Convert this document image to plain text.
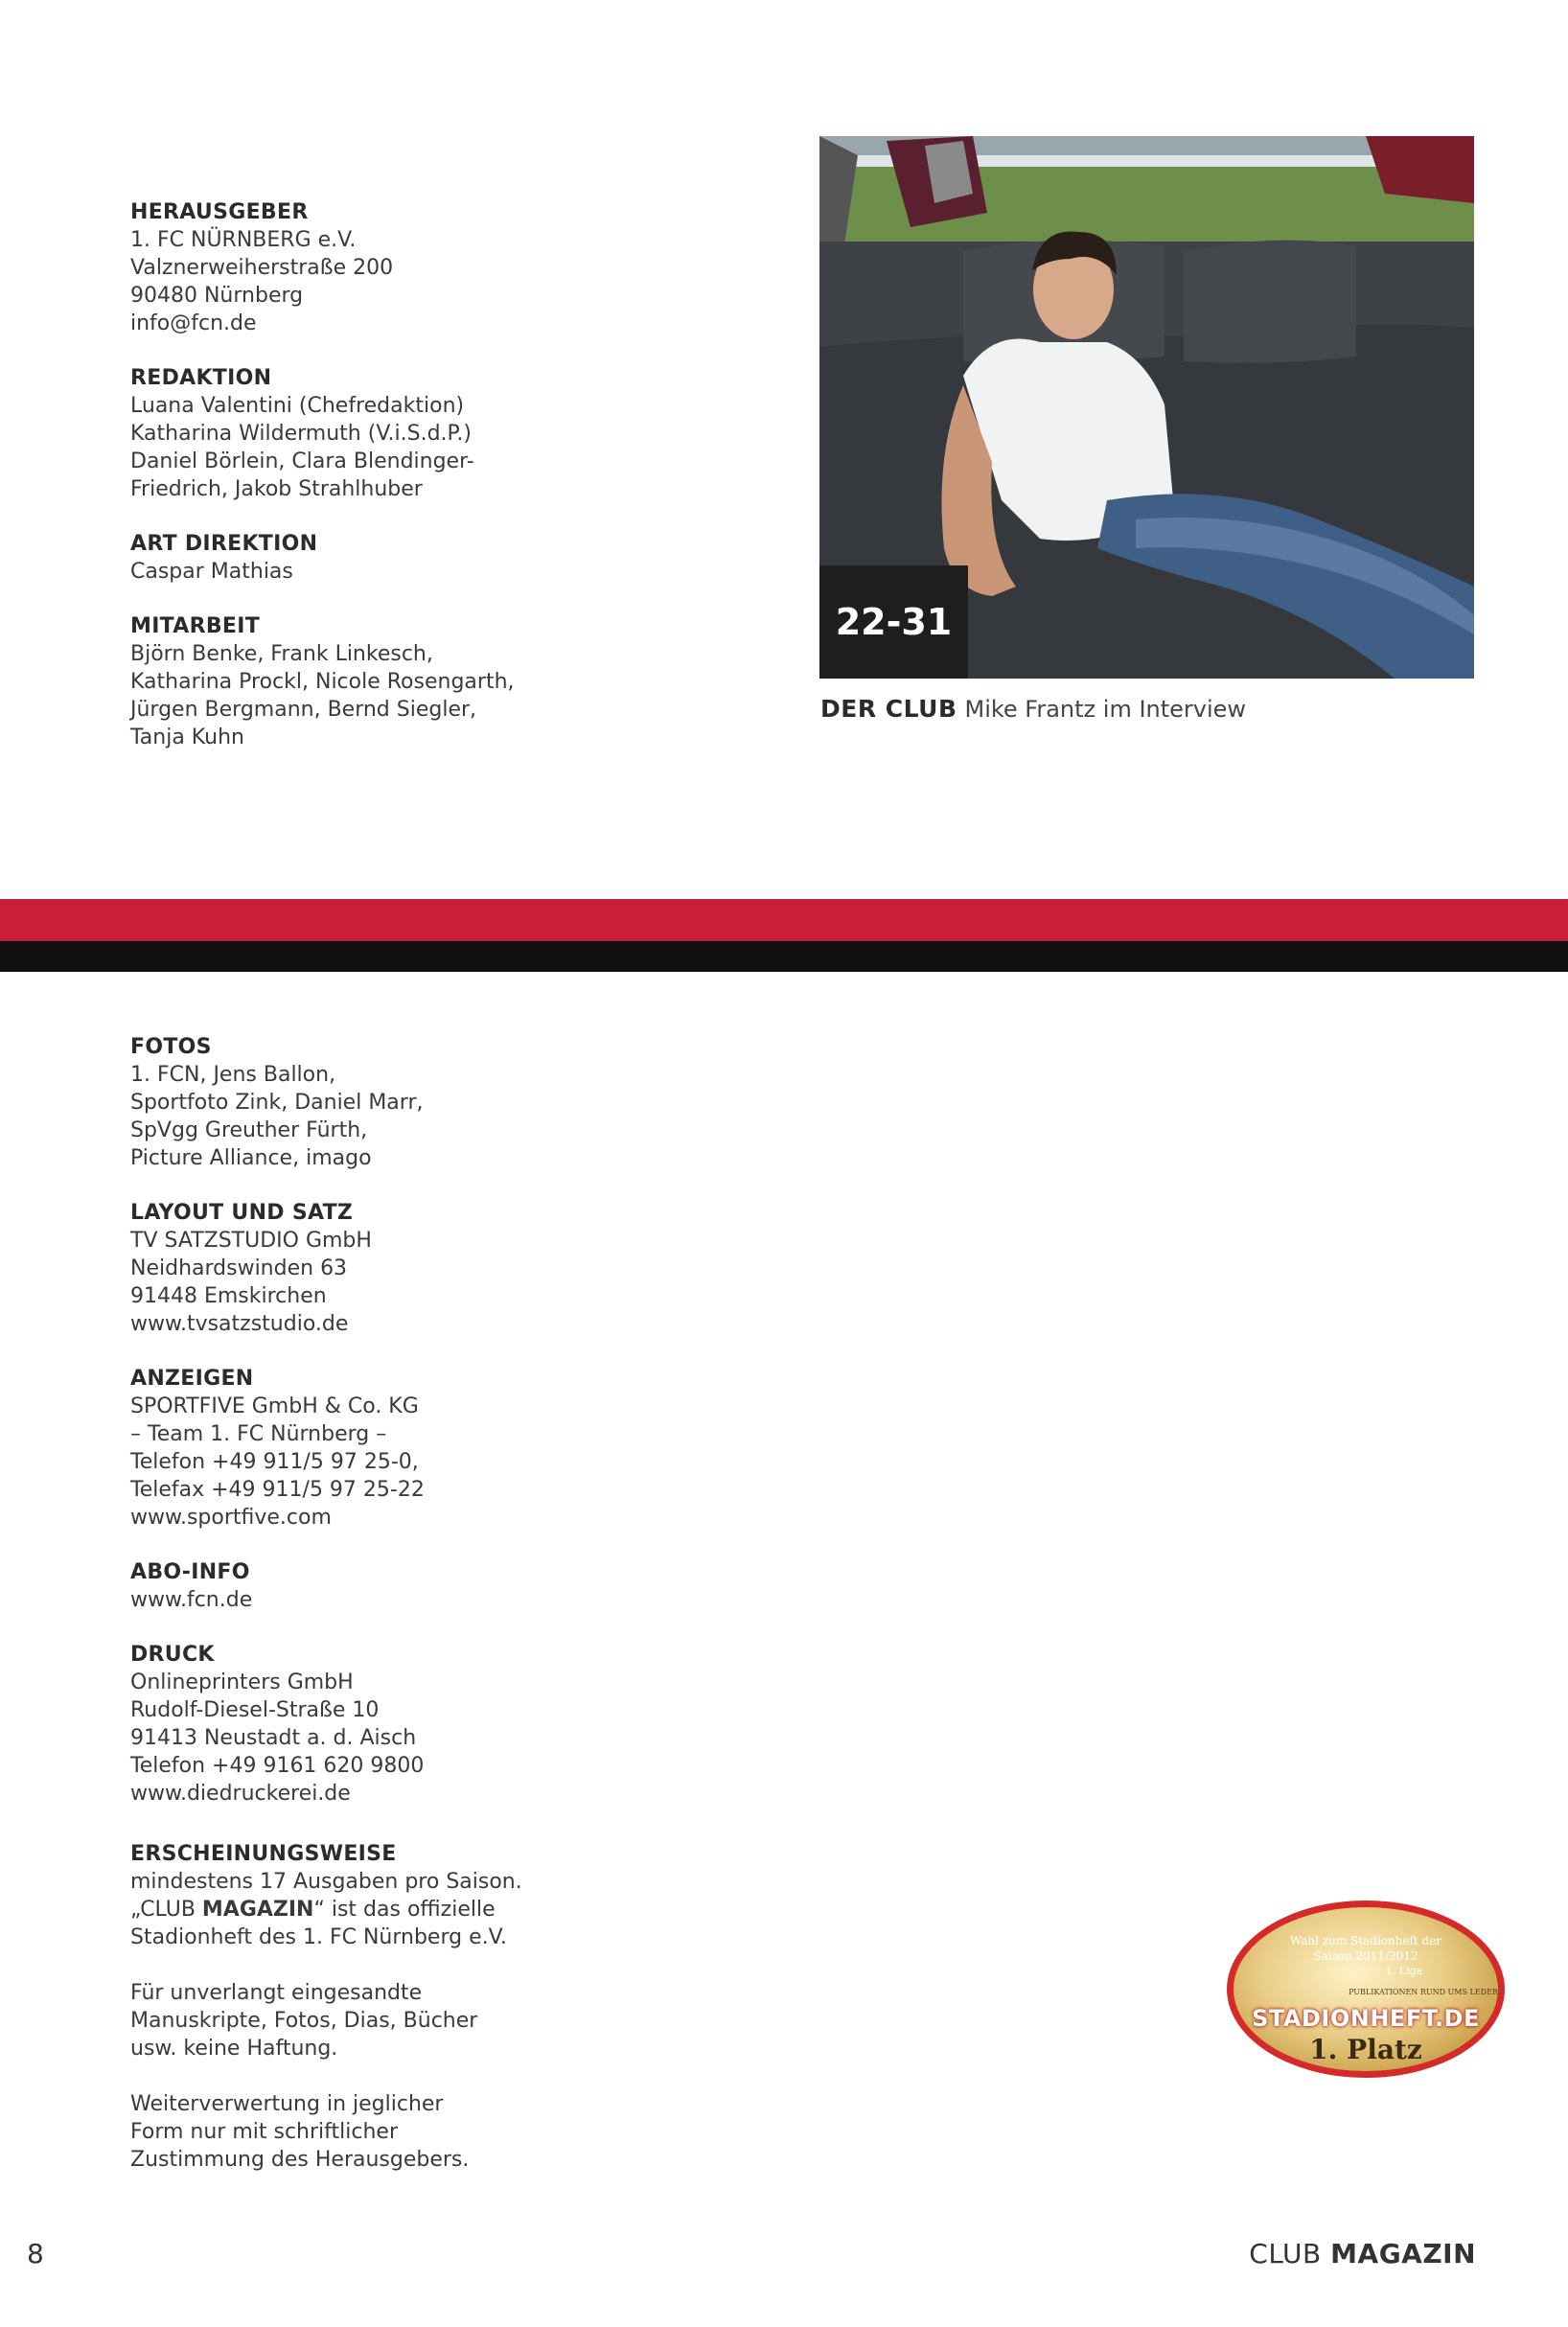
HERAUSGEBER
1. FC NÜRNBERG e.V.
Valznerweiherstraße 200
90480 Nürnberg
info@fcn.de
REDAKTION
Luana Valentini (Chefredaktion)
Katharina Wildermuth (V.i.S.d.P.)
Daniel Börlein, Clara Blendinger-
Friedrich, Jakob Strahlhuber
ART DIREKTION
Caspar Mathias
MITARBEIT
Björn Benke, Frank Linkesch,
Katharina Prockl, Nicole Rosengarth,
Jürgen Bergmann, Bernd Siegler,
Tanja Kuhn
22-31
DER CLUB Mike Frantz im Interview
FOTOS
1. FCN, Jens Ballon,
Sportfoto Zink, Daniel Marr,
SpVgg Greuther Fürth,
Picture Alliance, imago
LAYOUT UND SATZ
TV SATZSTUDIO GmbH
Neidhardswinden 63
91448 Emskirchen
www.tvsatzstudio.de
ANZEIGEN
SPORTFIVE GmbH & Co. KG
– Team 1. FC Nürnberg –
Telefon +49 911/5 97 25-0,
Telefax +49 911/5 97 25-22
www.sportfive.com
ABO-INFO
www.fcn.de
DRUCK
Onlineprinters GmbH
Rudolf-Diesel-Straße 10
91413 Neustadt a. d. Aisch
Telefon +49 9161 620 9800
www.diedruckerei.de
ERSCHEINUNGSWEISE
mindestens 17 Ausgaben pro Saison.
„CLUB MAGAZIN“ ist das offizielle
Stadionheft des 1. FC Nürnberg e.V.
Für unverlangt eingesandte
Manuskripte, Fotos, Dias, Bücher
usw. keine Haftung.
Weiterverwertung in jeglicher
Form nur mit schriftlicher
Zustimmung des Herausgebers.
Wahl zum Stadionheft der
Saison 2011/2012
1. Liga
PUBLIKATIONEN RUND UMS LEDER
STADIONHEFT.DE
1. Platz
8	CLUB MAGAZIN
